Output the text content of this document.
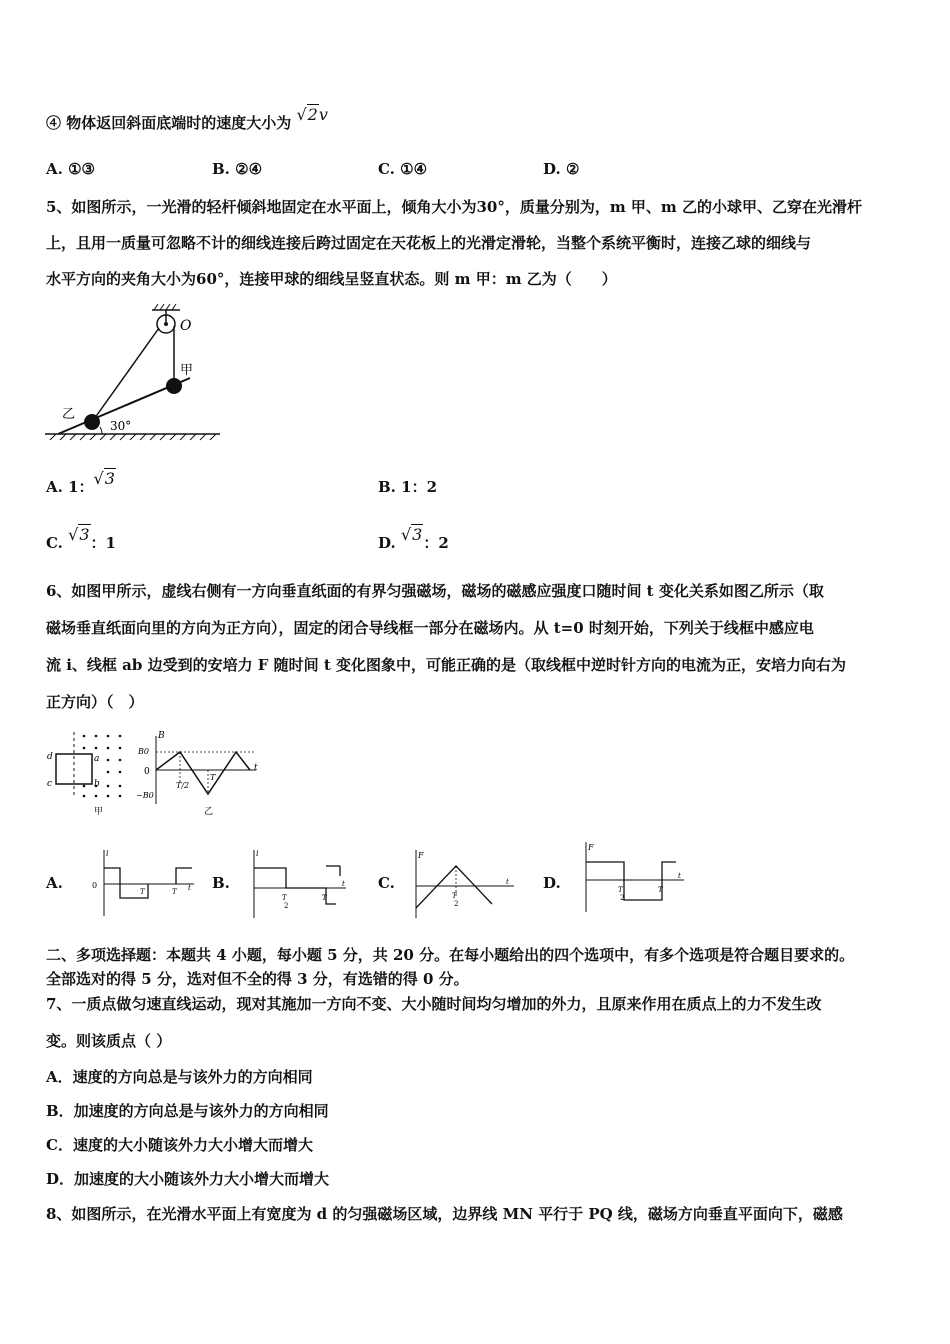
④ 物体返回斜面底端时的速度大小为 √2v
A. ①③	B. ②④	C. ①④	D. ②
5、如图所示，一光滑的轻杆倾斜地固定在水平面上，倾角大小为30°，质量分别为，m 甲、m 乙的小球甲、乙穿在光滑杆
上，且用一质量可忽略不计的细线连接后跨过固定在天花板上的光滑定滑轮，当整个系统平衡时，连接乙球的细线与
水平方向的夹角大小为60°，连接甲球的细线呈竖直状态。则 m 甲：m 乙为（　　）
O
甲
乙
30°
A. 1：√3	B. 1：2
C. √3：1	D. √3：2
6、如图甲所示，虚线右侧有一方向垂直纸面的有界匀强磁场，磁场的磁感应强度口随时间 t 变化关系如图乙所示（取
磁场垂直纸面向里的方向为正方向），固定的闭合导线框一部分在磁场内。从 t=0 时刻开始，下列关于线框中感应电
流 i、线框 ab 边受到的安培力 F 随时间 t 变化图象中，可能正确的是（取线框中逆时针方向的电流为正，安培力向右为
正方向）（　）
a
b
c
d
甲
B
B0
0
−B0
t
T/2
T
乙
A.
i
0
T	T t B.
i
T
2
T
t C.
F
T
2
t D.
F
T
2
T
t
二、多项选择题：本题共 4 小题，每小题 5 分，共 20 分。在每小题给出的四个选项中，有多个选项是符合题目要求的。
全部选对的得 5 分，选对但不全的得 3 分，有选错的得 0 分。
7、一质点做匀速直线运动，现对其施加一方向不变、大小随时间均匀增加的外力，且原来作用在质点上的力不发生改
变。则该质点（ ）
A．速度的方向总是与该外力的方向相同
B．加速度的方向总是与该外力的方向相同
C．速度的大小随该外力大小增大而增大
D．加速度的大小随该外力大小增大而增大
8、如图所示，在光滑水平面上有宽度为 d 的匀强磁场区域，边界线 MN 平行于 PQ 线，磁场方向垂直平面向下，磁感
